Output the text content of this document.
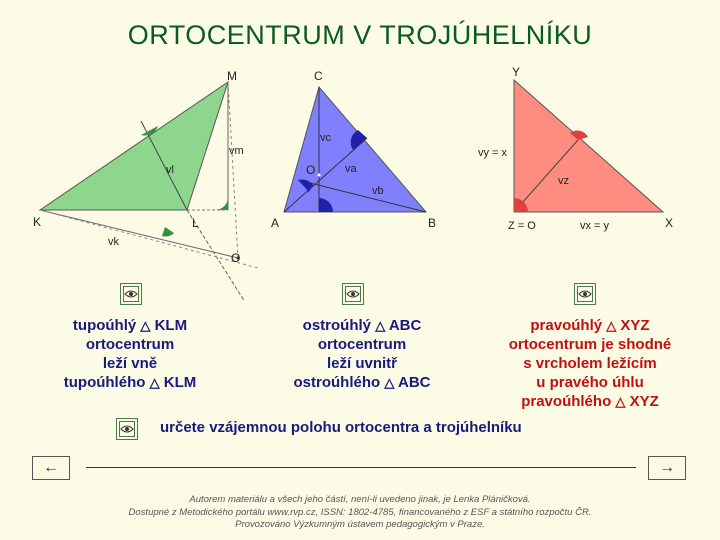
ORTOCENTRUM V TROJÚHELNÍKU
M
K	L
O
vm
vl
vk
C
A	B
O
vc
va
vb
Y
X
Z = O
vy = x
vz
vx = y
tupoúhlý △ KLM
ortocentrum
leží vně
tupoúhlého △ KLM
ostroúhlý △ ABC
ortocentrum
leží uvnitř
ostroúhlého △ ABC
pravoúhlý △ XYZ
ortocentrum je shodné
s vrcholem ležícím
u pravého úhlu
pravoúhlého △ XYZ
určete vzájemnou polohu ortocentra a trojúhelníku
←	→
Autorem materiálu a všech jeho částí, není-li uvedeno jinak, je Lenka Pláničková.
Dostupné z Metodického portálu www.rvp.cz, ISSN: 1802-4785, financovaného z ESF a státního rozpočtu ČR.
Provozováno Výzkumným ústavem pedagogickým v Praze.
